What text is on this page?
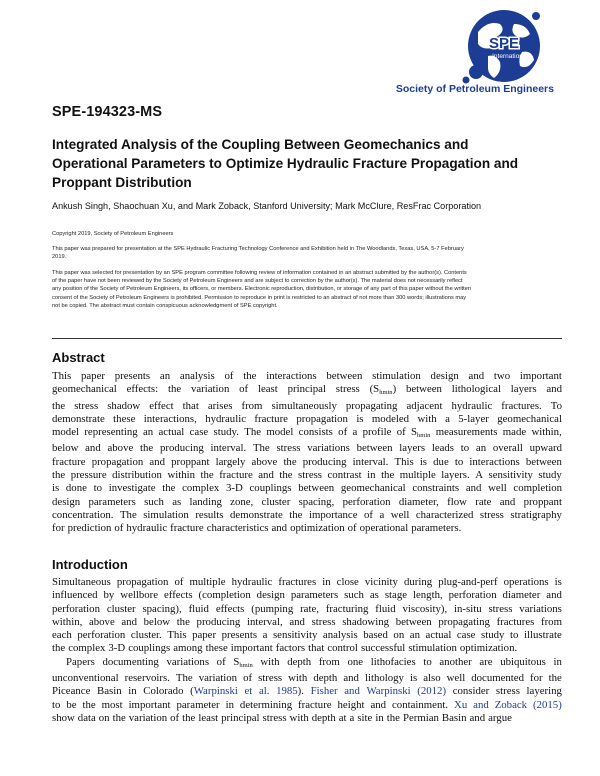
SPE
International
Society of Petroleum Engineers
SPE-194323-MS
Integrated Analysis of the Coupling Between Geomechanics and
Operational Parameters to Optimize Hydraulic Fracture Propagation and
Proppant Distribution
Ankush Singh, Shaochuan Xu, and Mark Zoback, Stanford University; Mark McClure, ResFrac Corporation
Copyright 2019, Society of Petroleum Engineers
This paper was prepared for presentation at the SPE Hydraulic Fracturing Technology Conference and Exhibition held in The Woodlands, Texas, USA, 5-7 February
2019.
This paper was selected for presentation by an SPE program committee following review of information contained in an abstract submitted by the author(s). Contents
of the paper have not been reviewed by the Society of Petroleum Engineers and are subject to correction by the author(s). The material does not necessarily reflect
any position of the Society of Petroleum Engineers, its officers, or members. Electronic reproduction, distribution, or storage of any part of this paper without the written
consent of the Society of Petroleum Engineers is prohibited. Permission to reproduce in print is restricted to an abstract of not more than 300 words; illustrations may
not be copied. The abstract must contain conspicuous acknowledgment of SPE copyright.
Abstract
This paper presents an analysis of the interactions between stimulation design and two important
geomechanical effects: the variation of least principal stress $(S_{hmin})$ between lithological layers and
the stress shadow effect that arises from simultaneously propagating adjacent hydraulic fractures. To
demonstrate these interactions, hydraulic fracture propagation is modeled with a 5-layer geomechanical
model representing an actual case study. The model consists of a profile of $S_{hmin}$ measurements made within,
below and above the producing interval. The stress variations between layers leads to an overall upward
fracture propagation and proppant largely above the producing interval. This is due to interactions between
the pressure distribution within the fracture and the stress contrast in the multiple layers. A sensitivity study
is done to investigate the complex 3-D couplings between geomechanical constraints and well completion
design parameters such as landing zone, cluster spacing, perforation diameter, flow rate and proppant
concentration. The simulation results demonstrate the importance of a well characterized stress stratigraphy
for prediction of hydraulic fracture characteristics and optimization of operational parameters.
Introduction
Simultaneous propagation of multiple hydraulic fractures in close vicinity during plug-and-perf operations is
influenced by wellbore effects (completion design parameters such as stage length, perforation diameter and
perforation cluster spacing), fluid effects (pumping rate, fracturing fluid viscosity), in-situ stress variations
within, above and below the producing interval, and stress shadowing between propagating fractures from
each perforation cluster. This paper presents a sensitivity analysis based on an actual case study to illustrate
the complex 3-D couplings among these important factors that control successful stimulation optimization.
Papers documenting variations of $S_{hmin}$ with depth from one lithofacies to another are ubiquitous in
unconventional reservoirs. The variation of stress with depth and lithology is also well documented for the
Piceance Basin in Colorado (Warpinski et al. 1985). Fisher and Warpinski (2012) consider stress layering
to be the most important parameter in determining fracture height and containment. Xu and Zoback (2015)
show data on the variation of the least principal stress with depth at a site in the Permian Basin and argue
